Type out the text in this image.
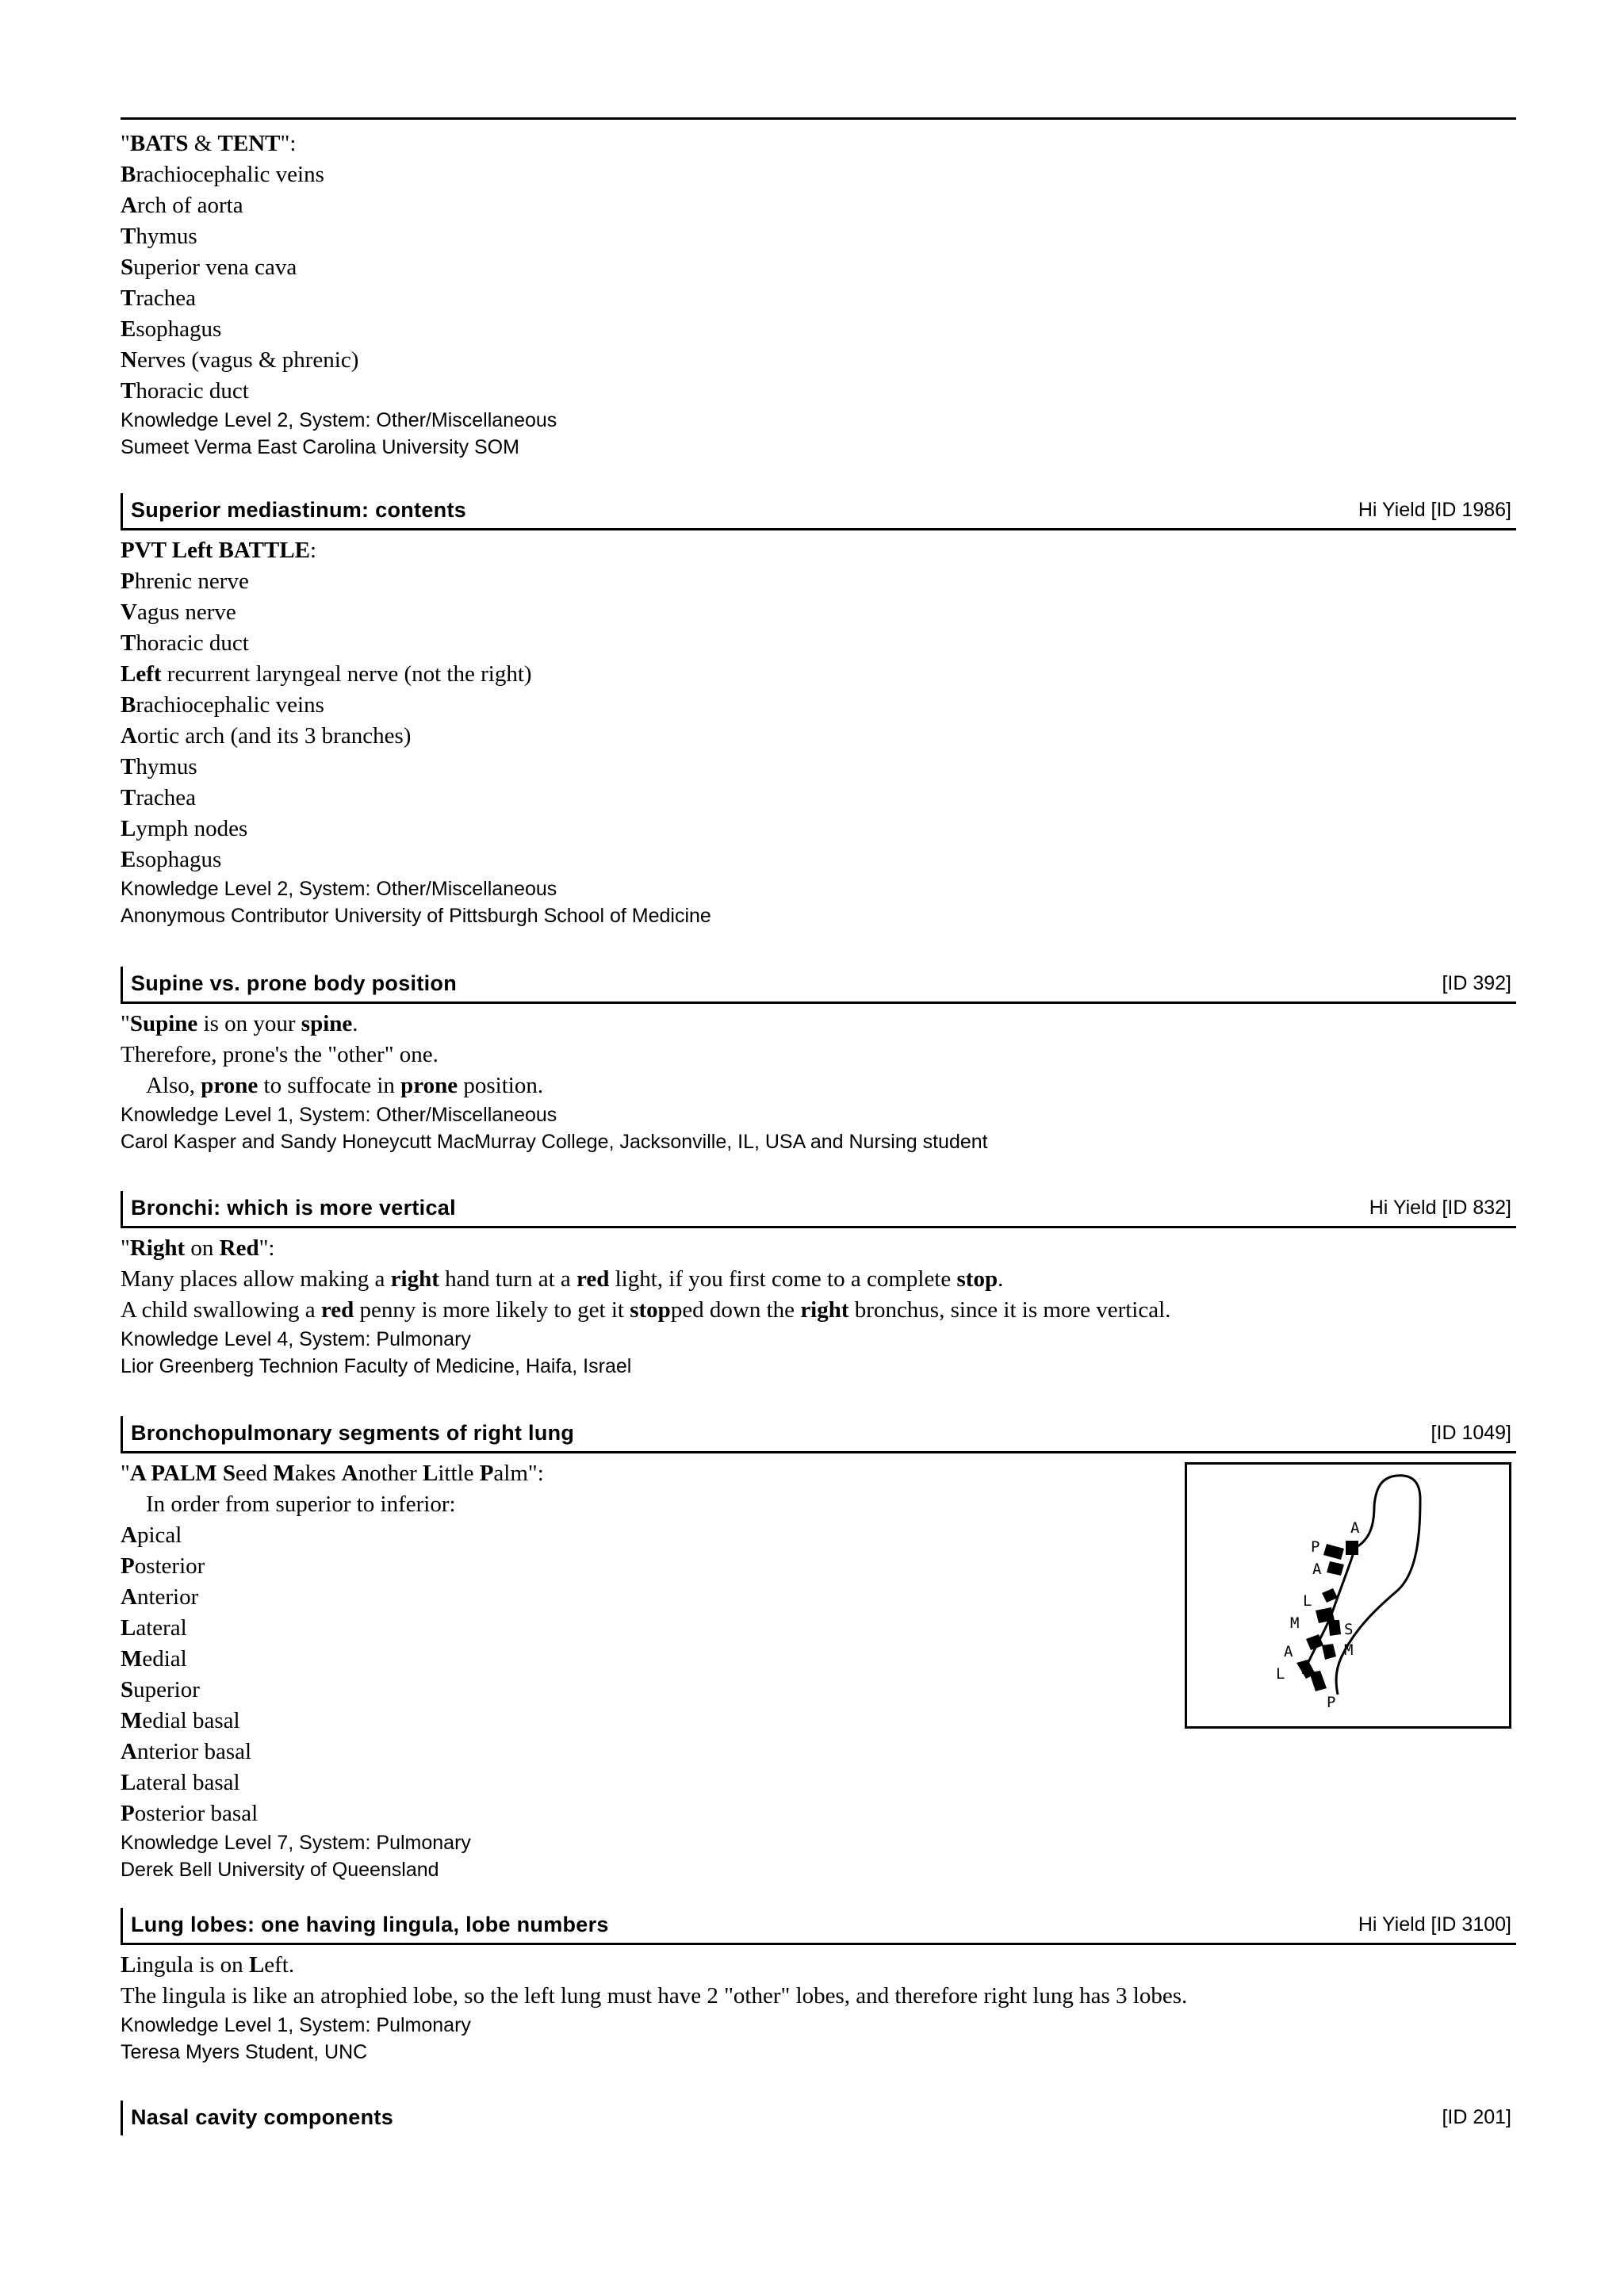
"BATS & TENT":
Brachiocephalic veins
Arch of aorta
Thymus
Superior vena cava
Trachea
Esophagus
Nerves (vagus & phrenic)
Thoracic duct
Knowledge Level 2, System: Other/Miscellaneous
Sumeet Verma East Carolina University SOM
Superior mediastinum: contents	Hi Yield [ID 1986]
PVT Left BATTLE:
Phrenic nerve
Vagus nerve
Thoracic duct
Left recurrent laryngeal nerve (not the right)
Brachiocephalic veins
Aortic arch (and its 3 branches)
Thymus
Trachea
Lymph nodes
Esophagus
Knowledge Level 2, System: Other/Miscellaneous
Anonymous Contributor University of Pittsburgh School of Medicine
Supine vs. prone body position	[ID 392]
"Supine is on your spine.
Therefore, prone's the "other" one.
Also, prone to suffocate in prone position.
Knowledge Level 1, System: Other/Miscellaneous
Carol Kasper and Sandy Honeycutt MacMurray College, Jacksonville, IL, USA and Nursing student
Bronchi: which is more vertical	Hi Yield [ID 832]
"Right on Red":
Many places allow making a right hand turn at a red light, if you first come to a complete stop.
A child swallowing a red penny is more likely to get it stopped down the right bronchus, since it is more vertical.
Knowledge Level 4, System: Pulmonary
Lior Greenberg Technion Faculty of Medicine, Haifa, Israel
Bronchopulmonary segments of right lung	[ID 1049]
"A PALM Seed Makes Another Little Palm":
In order from superior to inferior:
Apical
Posterior
Anterior
Lateral
Medial
Superior
Medial basal
Anterior basal
Lateral basal
Posterior basal
Knowledge Level 7, System: Pulmonary
Derek Bell University of Queensland
A
P
A
L
M	S
M
A
L
P
Lung lobes: one having lingula, lobe numbers	Hi Yield [ID 3100]
Lingula is on Left.
The lingula is like an atrophied lobe, so the left lung must have 2 "other" lobes, and therefore right lung has 3 lobes.
Knowledge Level 1, System: Pulmonary
Teresa Myers Student, UNC
Nasal cavity components	[ID 201]
